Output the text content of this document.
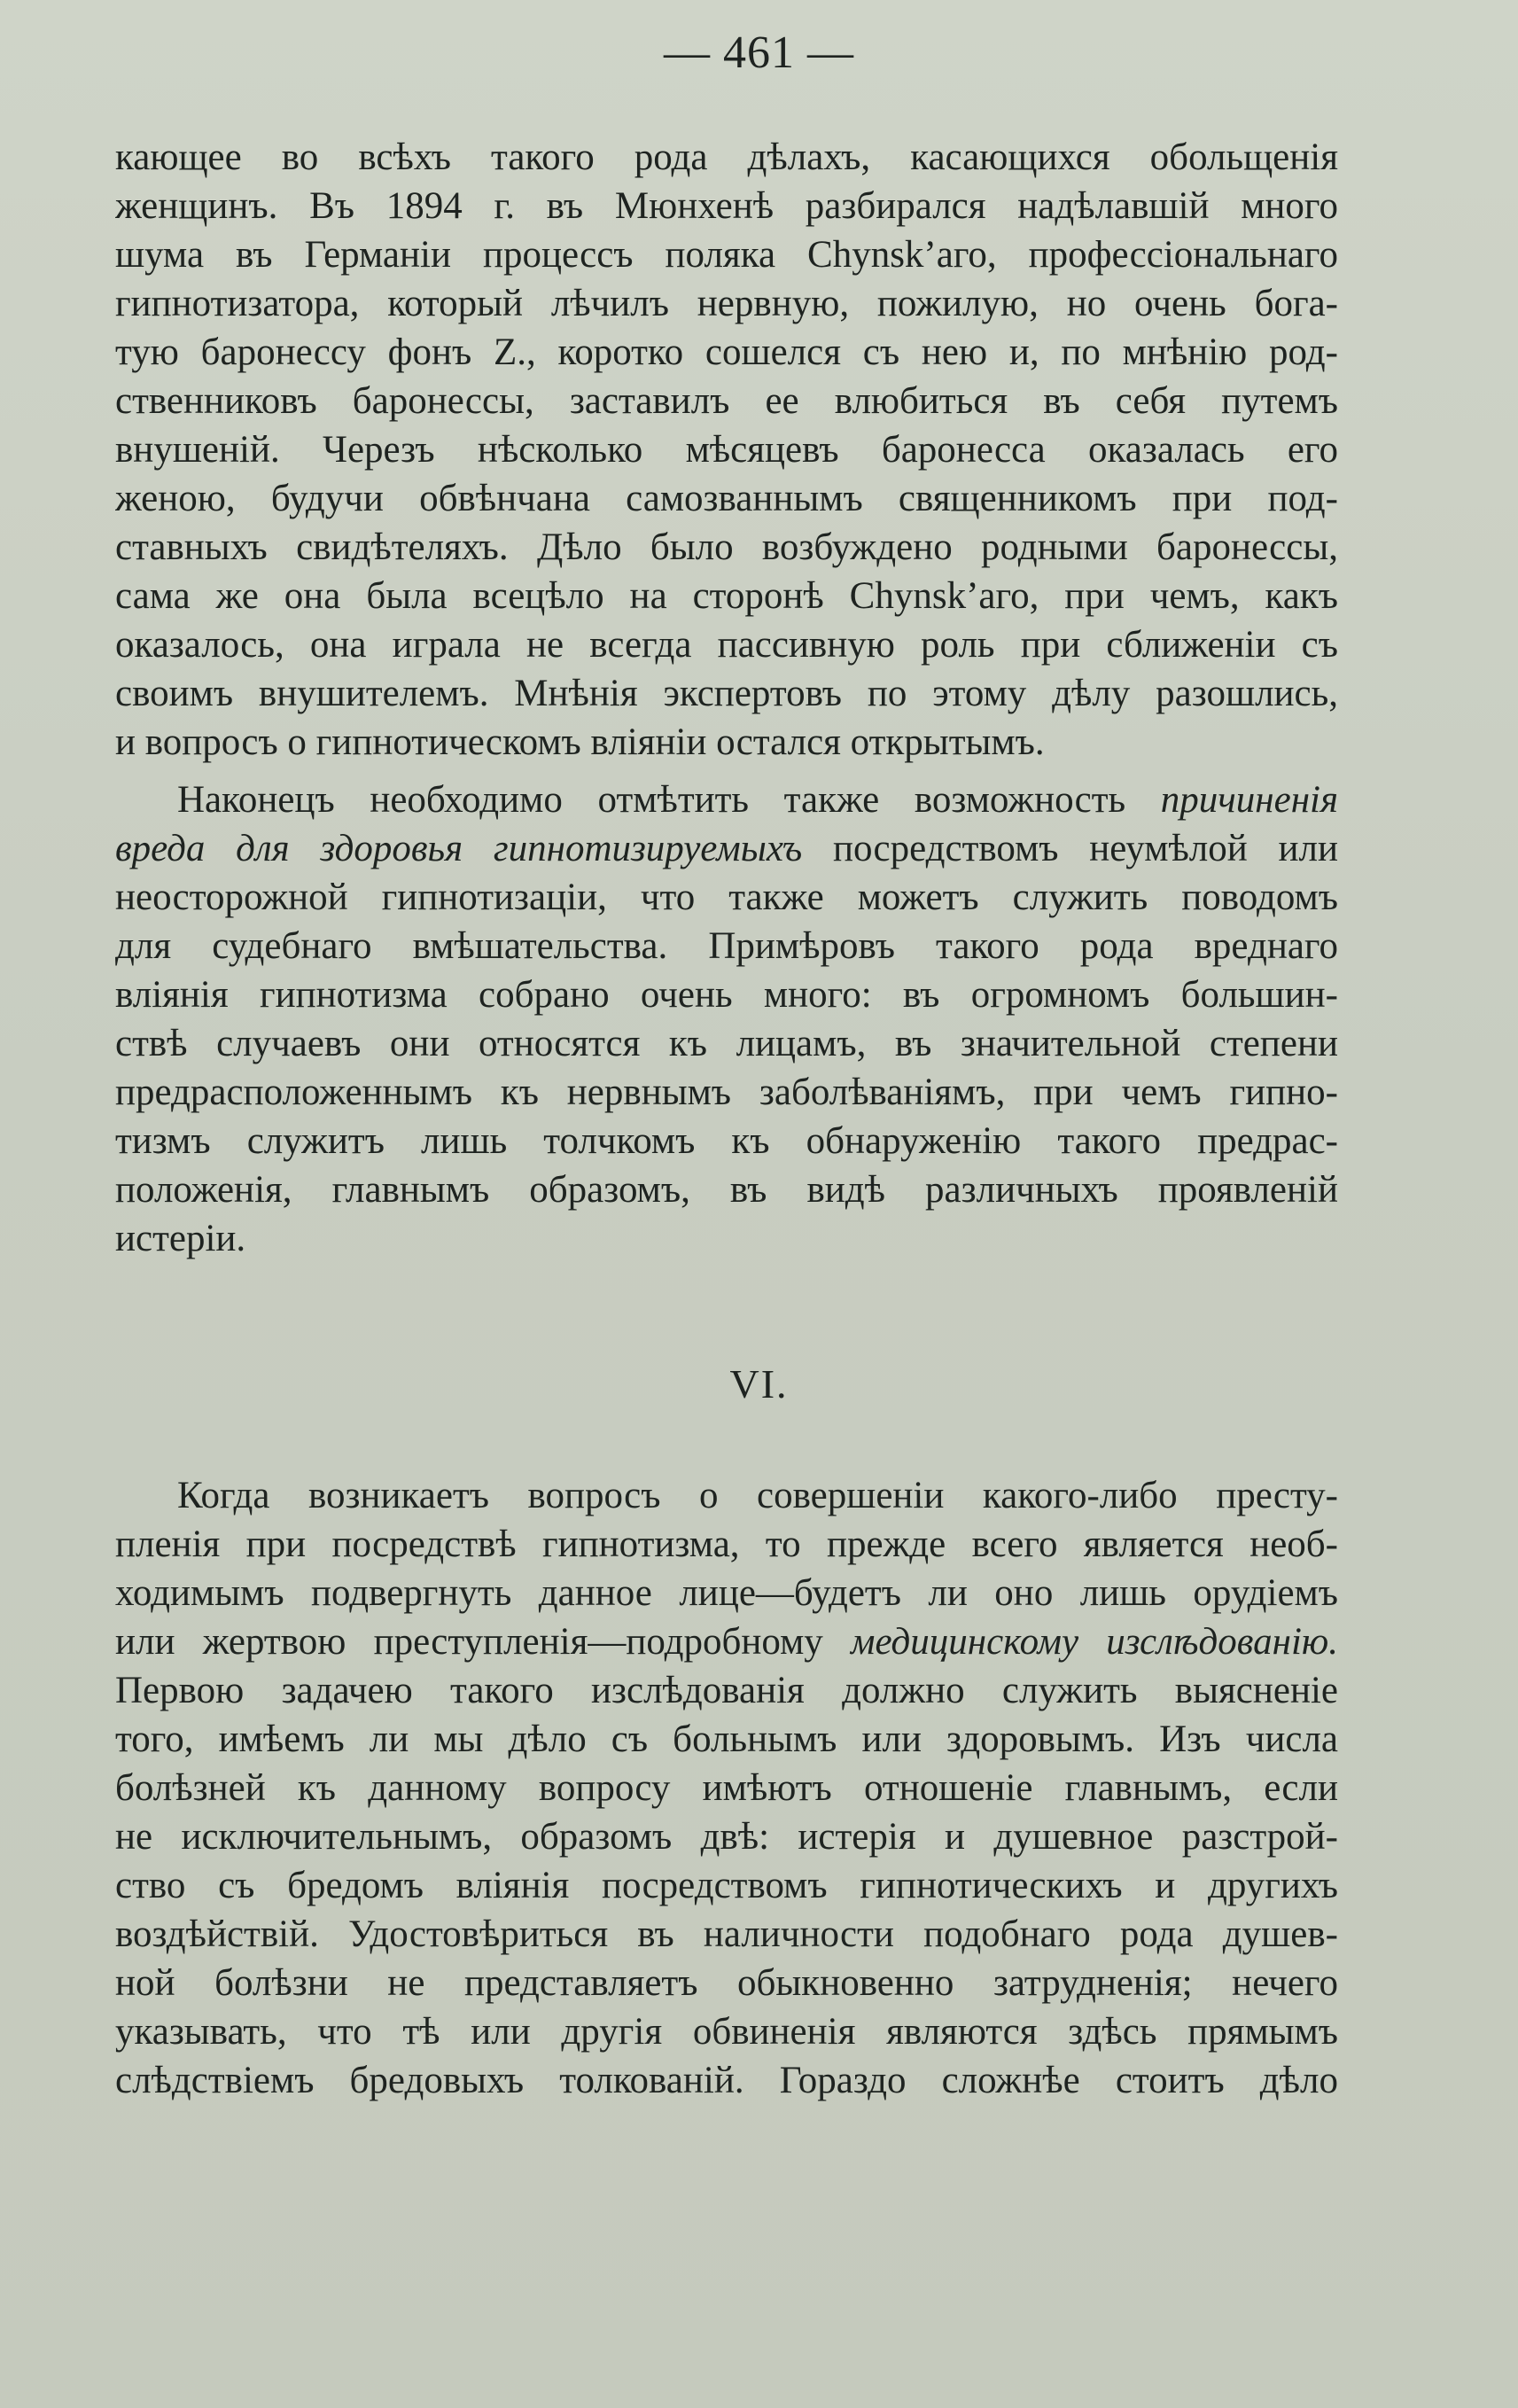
— 461 —
кающее во всѣхъ такого рода дѣлахъ, касающихся обольщенія
женщинъ. Въ 1894 г. въ Мюнхенѣ разбирался надѣлавшій много
шума въ Германіи процессъ поляка Chynsk’аго, профессіональнаго
гипнотизатора, который лѣчилъ нервную, пожилую, но очень бога-
тую баронессу фонъ Z., коротко сошелся съ нею и, по мнѣнію род-
ственниковъ баронессы, заставилъ ее влюбиться въ себя путемъ
внушеній. Черезъ нѣсколько мѣсяцевъ баронесса оказалась его
женою, будучи обвѣнчана самозваннымъ священникомъ при под-
ставныхъ свидѣтеляхъ. Дѣло было возбуждено родными баронессы,
сама же она была всецѣло на сторонѣ Chynsk’аго, при чемъ, какъ
оказалось, она играла не всегда пассивную роль при сближеніи съ
своимъ внушителемъ. Мнѣнія экспертовъ по этому дѣлу разошлись,
и вопросъ о гипнотическомъ вліяніи остался открытымъ.
Наконецъ необходимо отмѣтить также возможность причиненія
вреда для здоровья гипнотизируемыхъ посредствомъ неумѣлой или
неосторожной гипнотизаціи, что также можетъ служить поводомъ
для судебнаго вмѣшательства. Примѣровъ такого рода вреднаго
вліянія гипнотизма собрано очень много: въ огромномъ большин-
ствѣ случаевъ они относятся къ лицамъ, въ значительной степени
предрасположеннымъ къ нервнымъ заболѣваніямъ, при чемъ гипно-
тизмъ служитъ лишь толчкомъ къ обнаруженію такого предрас-
положенія, главнымъ образомъ, въ видѣ различныхъ проявленій
истеріи.
VI.
Когда возникаетъ вопросъ о совершеніи какого-либо престу-
пленія при посредствѣ гипнотизма, то прежде всего является необ-
ходимымъ подвергнуть данное лице—будетъ ли оно лишь орудіемъ
или жертвою преступленія—подробному медицинскому изслѣдованію.
Первою задачею такого изслѣдованія должно служить выясненіе
того, имѣемъ ли мы дѣло съ больнымъ или здоровымъ. Изъ числа
болѣзней къ данному вопросу имѣютъ отношеніе главнымъ, если
не исключительнымъ, образомъ двѣ: истерія и душевное разстрой-
ство съ бредомъ вліянія посредствомъ гипнотическихъ и другихъ
воздѣйствій. Удостовѣриться въ наличности подобнаго рода душев-
ной болѣзни не представляетъ обыкновенно затрудненія; нечего
указывать, что тѣ или другія обвиненія являются здѣсь прямымъ
слѣдствіемъ бредовыхъ толкованій. Гораздо сложнѣе стоитъ дѣло
